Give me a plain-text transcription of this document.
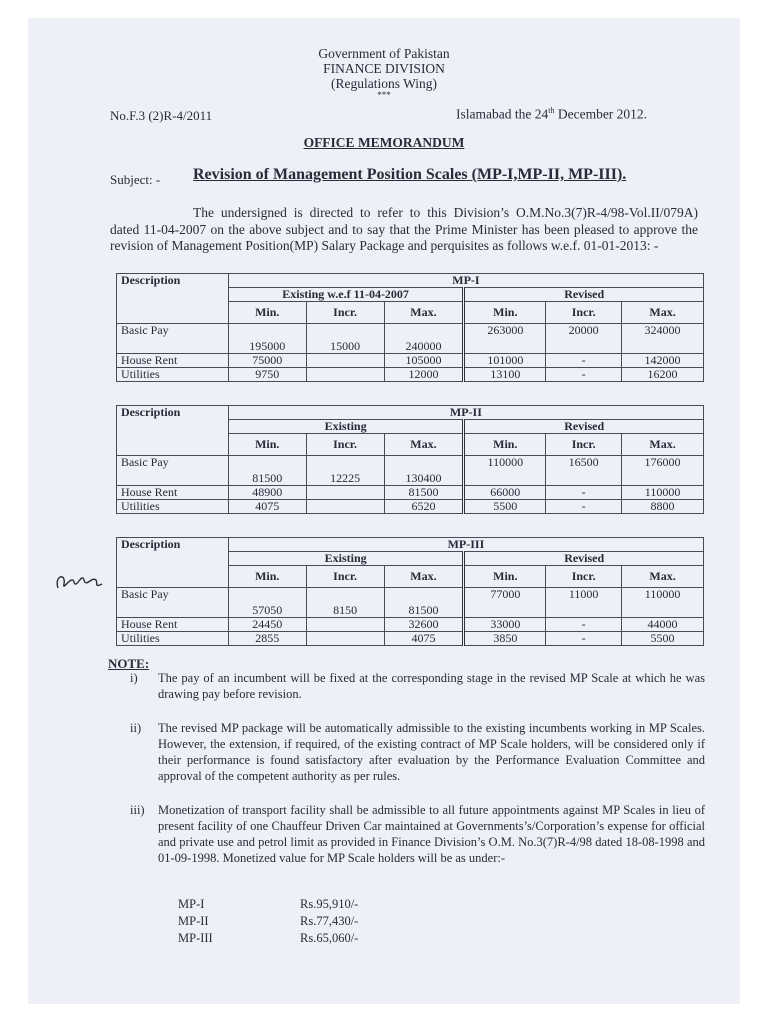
Government of Pakistan
FINANCE DIVISION
(Regulations Wing)
***
No.F.3 (2)R-4/2011	Islamabad the 24th December 2012.
OFFICE MEMORANDUM
Subject: - Revision of Management Position Scales (MP-I,MP-II, MP-III).
The undersigned is directed to refer to this Division’s O.M.No.3(7)R-4/98-Vol.II/079A) dated 11-04-2007 on the above subject and to say that the Prime Minister has been pleased to approve the revision of Management Position(MP) Salary Package and perquisites as follows w.e.f. 01-01-2013: -
Description	MP-I					
	Existing w.e.f 11-04-2007			Revised		
	Min.	Incr.	Max.	Min.	Incr.	Max.
Basic Pay	195000	15000	240000	263000	20000	324000
House Rent	75000		105000	101000	-	142000
Utilities	9750		12000	13100	-	16200
Description	MP-II					
	Existing			Revised		
	Min.	Incr.	Max.	Min.	Incr.	Max.
Basic Pay	81500	12225	130400	110000	16500	176000
House Rent	48900		81500	66000	-	110000
Utilities	4075		6520	5500	-	8800
Description	MP-III					
	Existing			Revised		
	Min.	Incr.	Max.	Min.	Incr.	Max.
Basic Pay	57050	8150	81500	77000	11000	110000
House Rent	24450		32600	33000	-	44000
Utilities	2855		4075	3850	-	5500
NOTE:
i) The pay of an incumbent will be fixed at the corresponding stage in the revised MP Scale at which he was drawing pay before revision.
ii) The revised MP package will be automatically admissible to the existing incumbents working in MP Scales. However, the extension, if required, of the existing contract of MP Scale holders, will be considered only if their performance is found satisfactory after evaluation by the Performance Evaluation Committee and approval of the competent authority as per rules.
iii) Monetization of transport facility shall be admissible to all future appointments against MP Scales in lieu of present facility of one Chauffeur Driven Car maintained at Governments’s/Corporation’s expense for official and private use and petrol limit as provided in Finance Division’s O.M. No.3(7)R-4/98 dated 18-08-1998 and 01-09-1998. Monetized value for MP Scale holders will be as under:-
MP-I	Rs.95,910/-
MP-II	Rs.77,430/-
MP-III	Rs.65,060/-
